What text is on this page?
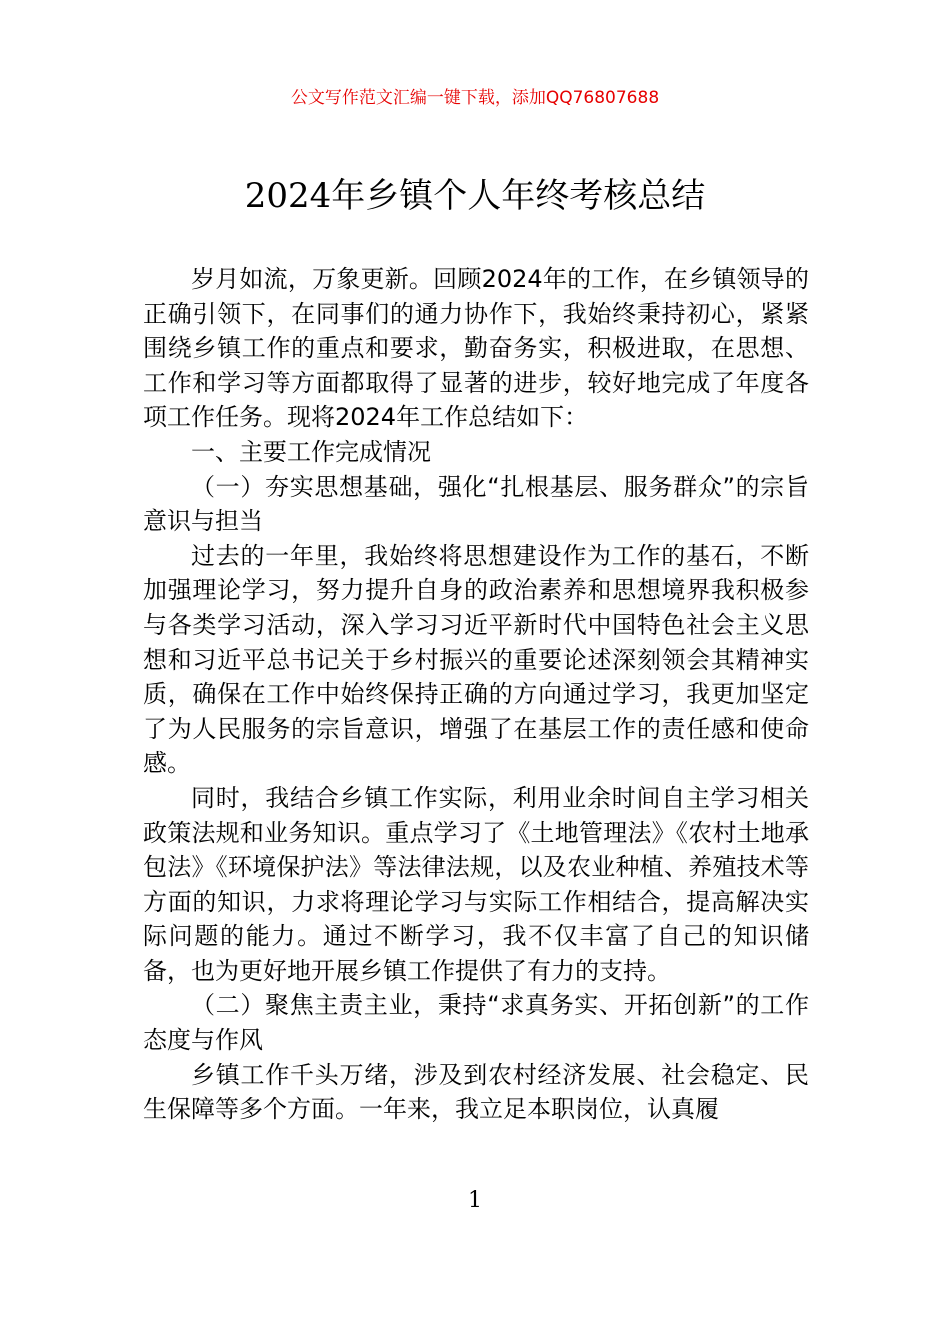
公文写作范文汇编一键下载，添加QQ76807688
2024年乡镇个人年终考核总结

岁月如流，万象更新。回顾2024年的工作，在乡镇领导的正确引领下，在同事们的通力协作下，我始终秉持初心，紧紧围绕乡镇工作的重点和要求，勤奋务实，积极进取，在思想、工作和学习等方面都取得了显著的进步，较好地完成了年度各项工作任务。现将2024年工作总结如下：

一、主要工作完成情况

（一）夯实思想基础，强化“扎根基层、服务群众”的宗旨意识与担当

过去的一年里，我始终将思想建设作为工作的基石，不断加强理论学习，努力提升自身的政治素养和思想境界我积极参与各类学习活动，深入学习习近平新时代中国特色社会主义思想和习近平总书记关于乡村振兴的重要论述深刻领会其精神实质，确保在工作中始终保持正确的方向通过学习，我更加坚定了为人民服务的宗旨意识，增强了在基层工作的责任感和使命感。

同时，我结合乡镇工作实际，利用业余时间自主学习相关政策法规和业务知识。重点学习了《土地管理法》《农村土地承包法》《环境保护法》等法律法规，以及农业种植、养殖技术等方面的知识，力求将理论学习与实际工作相结合，提高解决实际问题的能力。通过不断学习，我不仅丰富了自己的知识储备，也为更好地开展乡镇工作提供了有力的支持。

（二）聚焦主责主业，秉持“求真务实、开拓创新”的工作态度与作风

乡镇工作千头万绪，涉及到农村经济发展、社会稳定、民生保障等多个方面。一年来，我立足本职岗位，认真履

1
